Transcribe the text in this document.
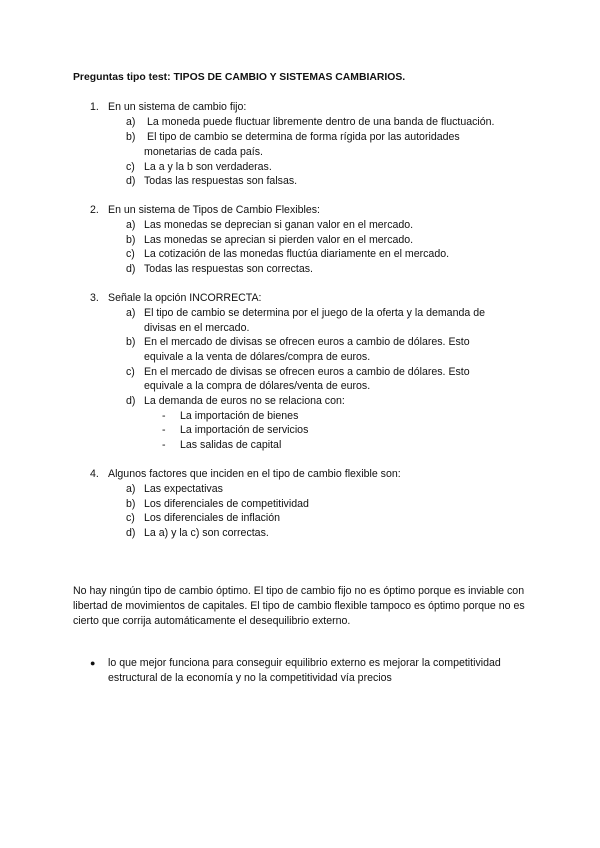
Preguntas tipo test: TIPOS DE CAMBIO Y SISTEMAS CAMBIARIOS.
1. En un sistema de cambio fijo:
a) La moneda puede fluctuar libremente dentro de una banda de fluctuación.
b) El tipo de cambio se determina de forma rígida por las autoridades
monetarias de cada país.
c) La a y la b son verdaderas.
d) Todas las respuestas son falsas.
2. En un sistema de Tipos de Cambio Flexibles:
a) Las monedas se deprecian si ganan valor en el mercado.
b) Las monedas se aprecian si pierden valor en el mercado.
c) La cotización de las monedas fluctúa diariamente en el mercado.
d) Todas las respuestas son correctas.
3. Señale la opción INCORRECTA:
a) El tipo de cambio se determina por el juego de la oferta y la demanda de
divisas en el mercado.
b) En el mercado de divisas se ofrecen euros a cambio de dólares. Esto
equivale a la venta de dólares/compra de euros.
c) En el mercado de divisas se ofrecen euros a cambio de dólares. Esto
equivale a la compra de dólares/venta de euros.
d) La demanda de euros no se relaciona con:
- La importación de bienes
- La importación de servicios
- Las salidas de capital
4. Algunos factores que inciden en el tipo de cambio flexible son:
a) Las expectativas
b) Los diferenciales de competitividad
c) Los diferenciales de inflación
d) La a) y la c) son correctas.
No hay ningún tipo de cambio óptimo. El tipo de cambio fijo no es óptimo porque es inviable con libertad de movimientos de capitales. El tipo de cambio flexible tampoco es óptimo porque no es cierto que corrija automáticamente el desequilibrio externo.
● lo que mejor funciona para conseguir equilibrio externo es mejorar la competitividad estructural de la economía y no la competitividad vía precios
